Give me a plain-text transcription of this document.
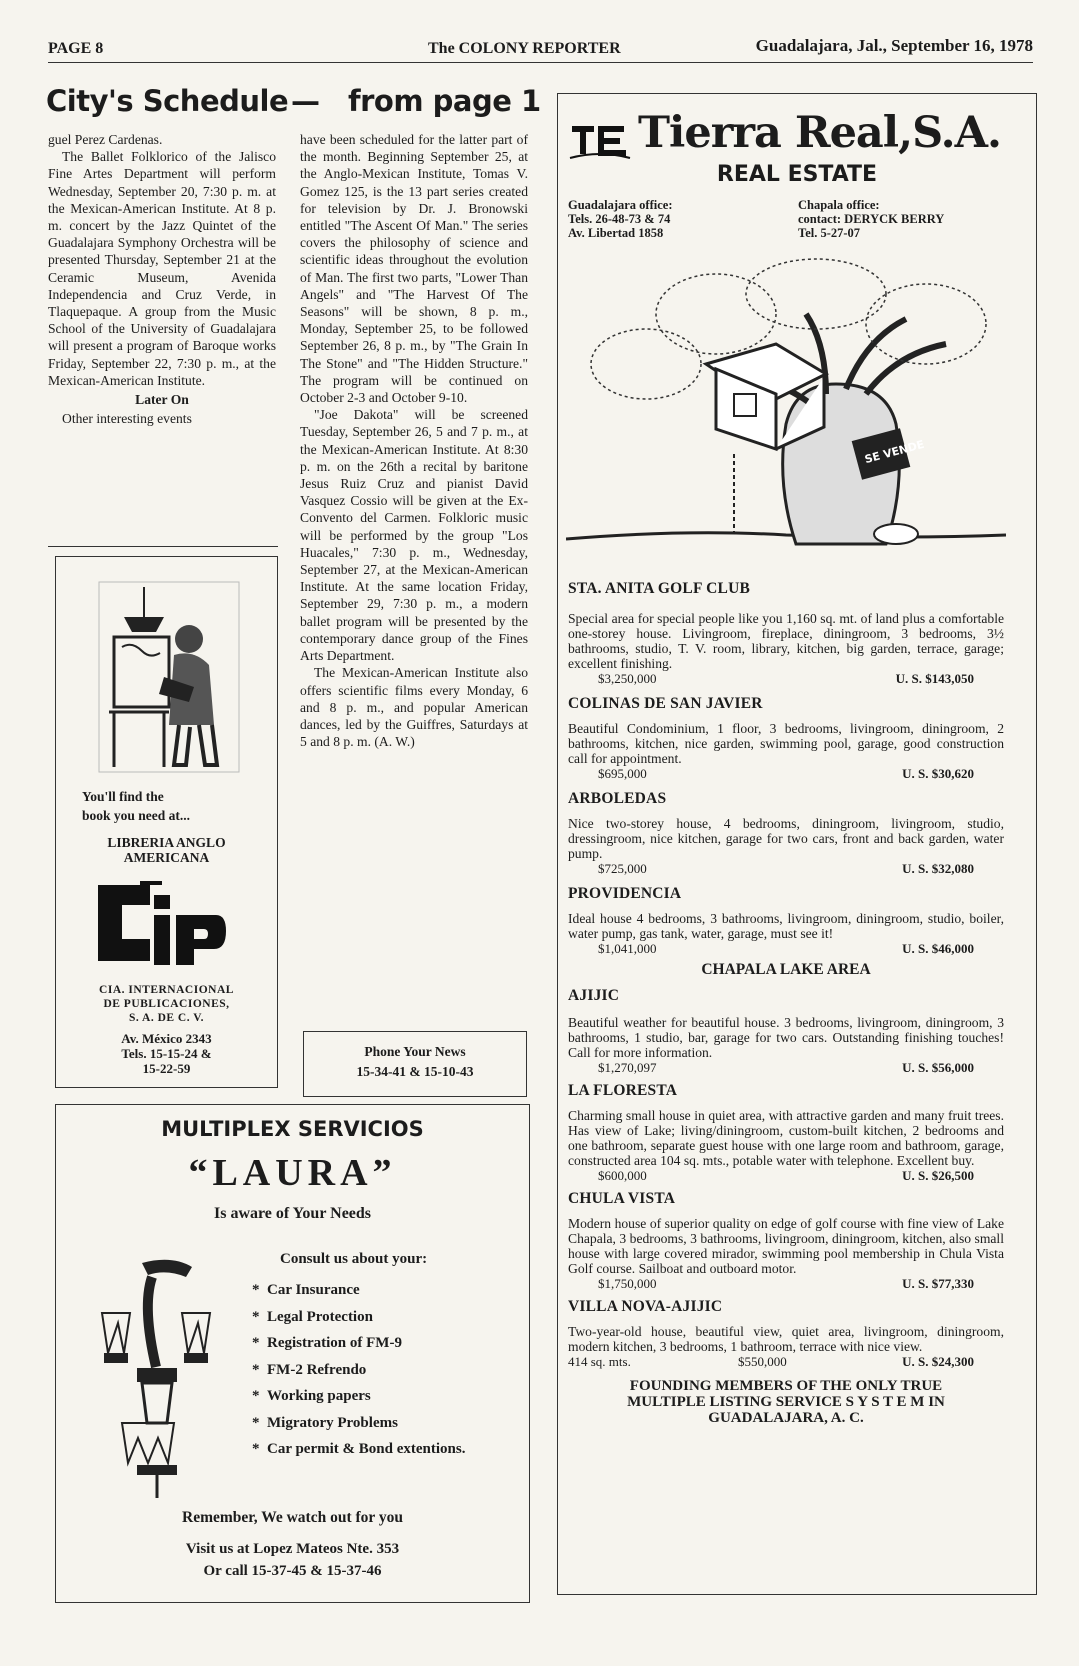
PAGE 8	The COLONY REPORTER	Guadalajara, Jal., September 16, 1978
City's Schedule — from page 1

guel Perez Cardenas.

The Ballet Folklorico of the Jalisco Fine Artes Department will perform Wednesday, September 20, 7:30 p. m. at the Mexican-American Institute. At 8 p. m. concert by the Jazz Quintet of the Guadalajara Symphony Orchestra will be presented Thursday, September 21 at the Ceramic Museum, Avenida Independencia and Cruz Verde, in Tlaquepaque. A group from the Music School of the University of Guadalajara will present a program of Baroque works Friday, September 22, 7:30 p. m., at the Mexican-American Institute.

Later On

Other interesting events

have been scheduled for the latter part of the month. Beginning September 25, at the Anglo-Mexican Institute, Tomas V. Gomez 125, is the 13 part series created for television by Dr. J. Bronowski entitled "The Ascent Of Man." The series covers the philosophy of science and scientific ideas throughout the evolution of Man. The first two parts, "Lower Than Angels" and "The Harvest Of The Seasons" will be shown, 8 p. m., Monday, September 25, to be followed September 26, 8 p. m., by "The Grain In The Stone" and "The Hidden Structure." The program will be continued on October 2-3 and October 9-10.

"Joe Dakota" will be screened Tuesday, September 26, 5 and 7 p. m., at the Mexican-American Institute. At 8:30 p. m. on the 26th a recital by baritone Jesus Ruiz Cruz and pianist David Vasquez Cossio will be given at the Ex-Convento del Carmen. Folkloric music will be performed by the group "Los Huacales," 7:30 p. m., Wednesday, September 27, at the Mexican-American Institute. At the same location Friday, September 29, 7:30 p. m., a modern ballet program will be presented by the contemporary dance group of the Fines Arts Department.

The Mexican-American Institute also offers scientific films every Monday, 6 and 8 p. m., and popular American dances, led by the Guiffres, Saturdays at 5 and 8 p. m. (A. W.)

Phone Your News
15-34-41 & 15-10-43
You'll find the
book you need at...
LIBRERIA ANGLO
AMERICANA
CIA. INTERNACIONAL
DE PUBLICACIONES,
S. A. DE C. V.
Av. México 2343
Tels. 15-15-24 &
15-22-59
MULTIPLEX SERVICIOS
“LAURA”
Is aware of Your Needs
Consult us about your:
*  Car Insurance
*  Legal Protection
*  Registration of FM-9
*  FM-2 Refrendo
*  Working papers
*  Migratory Problems
*  Car permit & Bond extentions.
Remember, We watch out for you
Visit us at Lopez Mateos Nte. 353
Or call 15-37-45 & 15-37-46
Tierra Real,S.A.
REAL ESTATE
Guadalajara office:
Tels. 26-48-73 & 74
Av. Libertad 1858
Chapala office:
contact: DERYCK BERRY
Tel. 5-27-07
SE VENDE
STA. ANITA GOLF CLUB
Special area for special people like you 1,160 sq. mt. of land plus a comfortable one-storey house. Livingroom, fireplace, diningroom, 3 bedrooms, 3½ bathrooms, studio, T. V. room, library, kitchen, big garden, terrace, garage; excellent finishing.
$3,250,000	U. S. $143,050
COLINAS DE SAN JAVIER
Beautiful Condominium, 1 floor, 3 bedrooms, livingroom, diningroom, 2 bathrooms, kitchen, nice garden, swimming pool, garage, good construction call for appointment.
$695,000	U. S. $30,620
ARBOLEDAS
Nice two-storey house, 4 bedrooms, diningroom, livingroom, studio, dressingroom, nice kitchen, garage for two cars, front and back garden, water pump.
$725,000	U. S. $32,080
PROVIDENCIA
Ideal house 4 bedrooms, 3 bathrooms, livingroom, diningroom, studio, boiler, water pump, gas tank, water, garage, must see it!
$1,041,000	U. S. $46,000
CHAPALA LAKE AREA
AJIJIC
Beautiful weather for beautiful house. 3 bedrooms, livingroom, diningroom, 3 bathrooms, 1 studio, bar, garage for two cars. Outstanding finishing touches! Call for more information.
$1,270,097	U. S. $56,000
LA FLORESTA
Charming small house in quiet area, with attractive garden and many fruit trees. Has view of Lake; living/diningroom, custom-built kitchen, 2 bedrooms and one bathroom, separate guest house with one large room and bathroom, garage, constructed area 104 sq. mts., potable water with telephone. Excellent buy.
$600,000	U. S. $26,500
CHULA VISTA
Modern house of superior quality on edge of golf course with fine view of Lake Chapala, 3 bedrooms, 3 bathrooms, livingroom, diningroom, kitchen, also small house with large covered mirador, swimming pool membership in Chula Vista Golf course. Sailboat and outboard motor.
$1,750,000	U. S. $77,330
VILLA NOVA-AJIJIC
Two-year-old house, beautiful view, quiet area, livingroom, diningroom, modern kitchen, 3 bedrooms, 1 bathroom, terrace with nice view.
414 sq. mts.	$550,000	U. S. $24,300
FOUNDING MEMBERS OF THE ONLY TRUE
MULTIPLE LISTING SERVICE S Y S T E M IN
GUADALAJARA, A. C.
